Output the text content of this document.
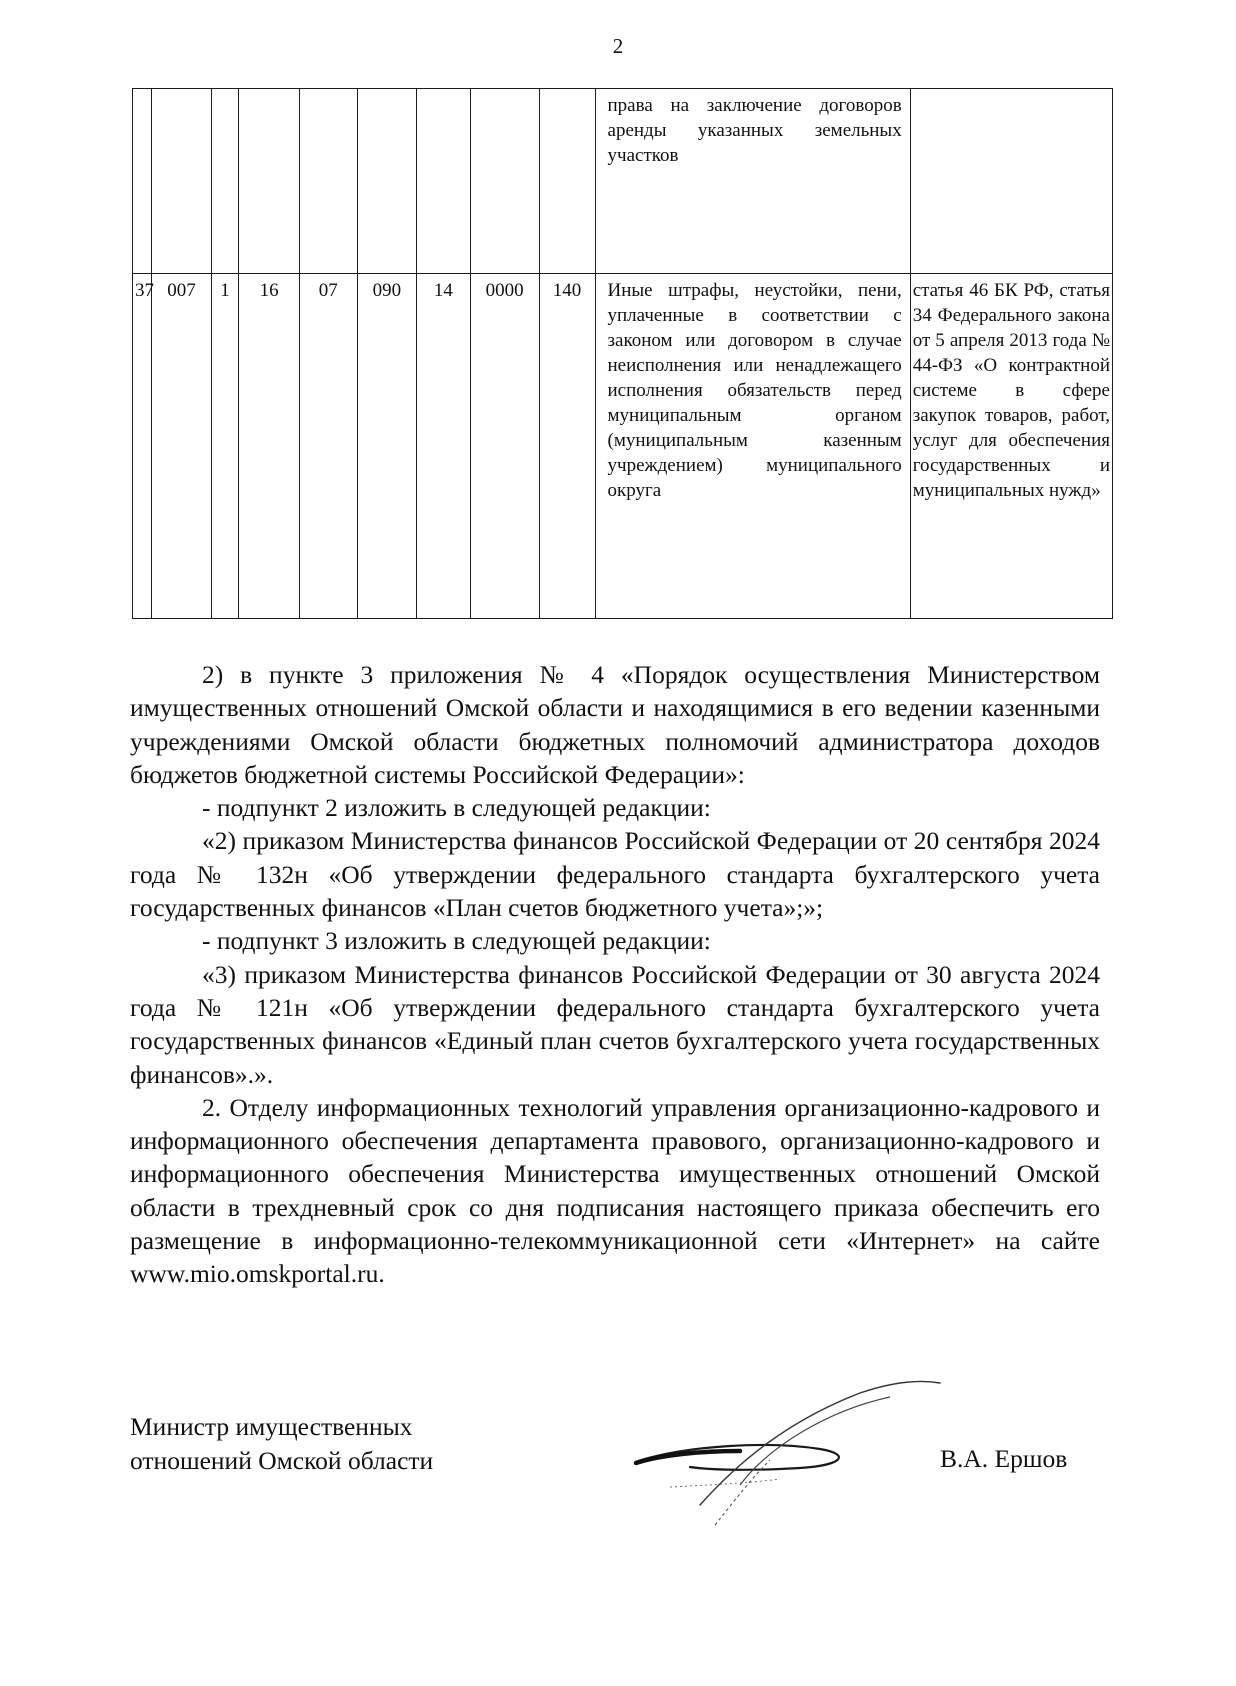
2
									права на заключение договоров аренды указанных земельных участков	
37	007	1	16	07	090	14	0000	140	Иные штрафы, неустойки, пени, уплаченные в соответствии с законом или договором в случае неисполнения или ненадлежащего исполнения обязательств перед муниципальным органом (муниципальным казенным учреждением) муниципального округа	статья 46 БК РФ, статья 34 Федерального закона от 5 апреля 2013 года № 44-ФЗ «О контрактной системе в сфере закупок товаров, работ, услуг для обеспечения государственных и муниципальных нужд»

2) в пункте 3 приложения № 4 «Порядок осуществления Министерством имущественных отношений Омской области и находящимися в его ведении казенными учреждениями Омской области бюджетных полномочий администратора доходов бюджетов бюджетной системы Российской Федерации»:

- подпункт 2 изложить в следующей редакции:

«2) приказом Министерства финансов Российской Федерации от 20 сентября 2024 года № 132н «Об утверждении федерального стандарта бухгалтерского учета государственных финансов «План счетов бюджетного учета»;»;

- подпункт 3 изложить в следующей редакции:

«3) приказом Министерства финансов Российской Федерации от 30 августа 2024 года № 121н «Об утверждении федерального стандарта бухгалтерского учета государственных финансов «Единый план счетов бухгалтерского учета государственных финансов».».

2. Отделу информационных технологий управления организационно-кадрового и информационного обеспечения департамента правового, организационно-кадрового и информационного обеспечения Министерства имущественных отношений Омской области в трехдневный срок со дня подписания настоящего приказа обеспечить его размещение в информационно-телекоммуникационной сети «Интернет» на сайте www.mio.omskportal.ru.

Министр имущественных
отношений Омской области	В.А. Ершов
